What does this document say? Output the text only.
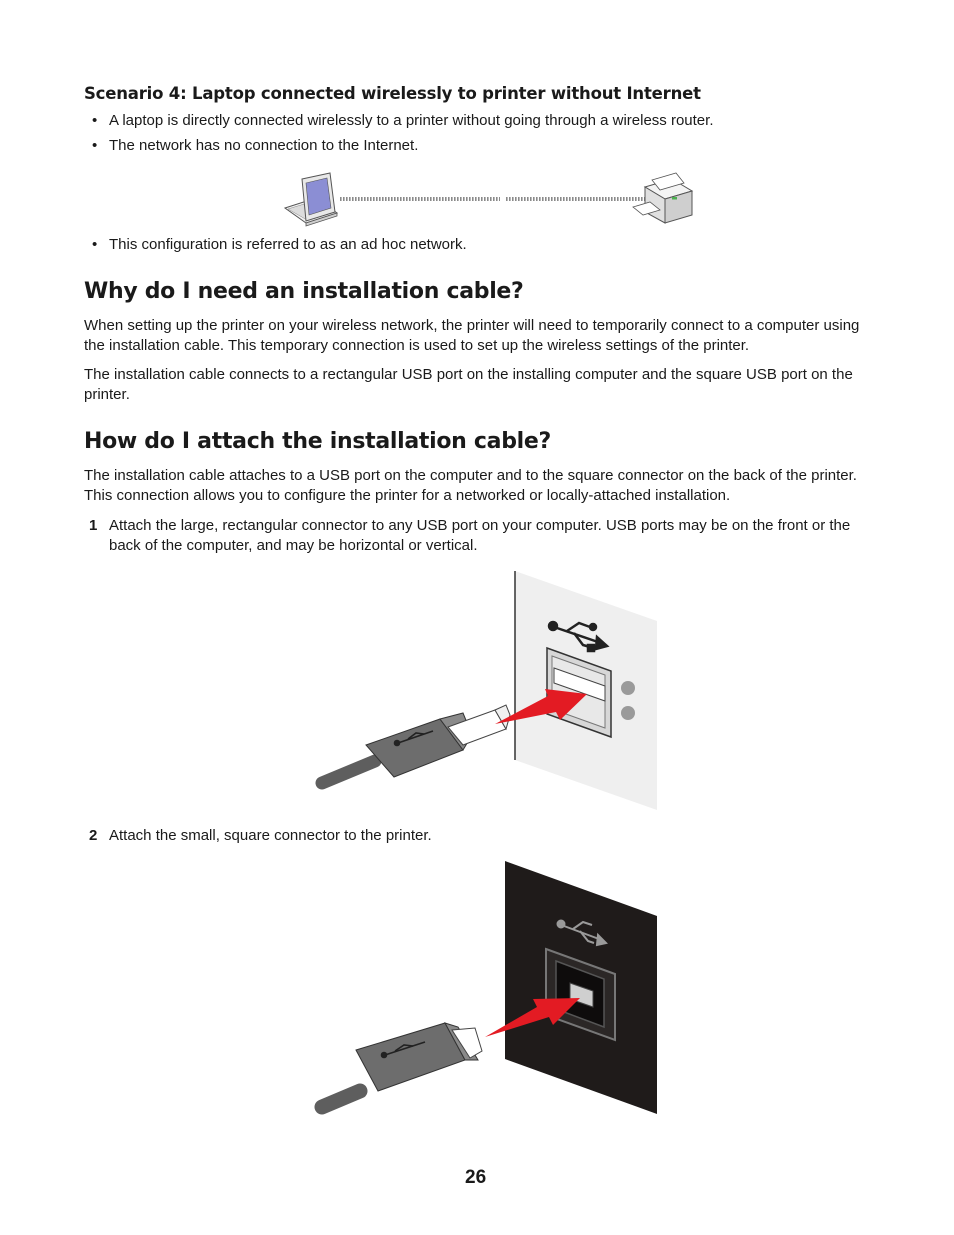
Scenario 4: Laptop connected wirelessly to printer without Internet
• A laptop is directly connected wirelessly to a printer without going through a wireless router.
• The network has no connection to the Internet.
• This configuration is referred to as an ad hoc network.
Why do I need an installation cable?
When setting up the printer on your wireless network, the printer will need to temporarily connect to a computer using the installation cable. This temporary connection is used to set up the wireless settings of the printer.
The installation cable connects to a rectangular USB port on the installing computer and the square USB port on the printer.
How do I attach the installation cable?
The installation cable attaches to a USB port on the computer and to the square connector on the back of the printer. This connection allows you to configure the printer for a networked or locally-attached installation.
1 Attach the large, rectangular connector to any USB port on your computer. USB ports may be on the front or the back of the computer, and may be horizontal or vertical.
2 Attach the small, square connector to the printer.
26
